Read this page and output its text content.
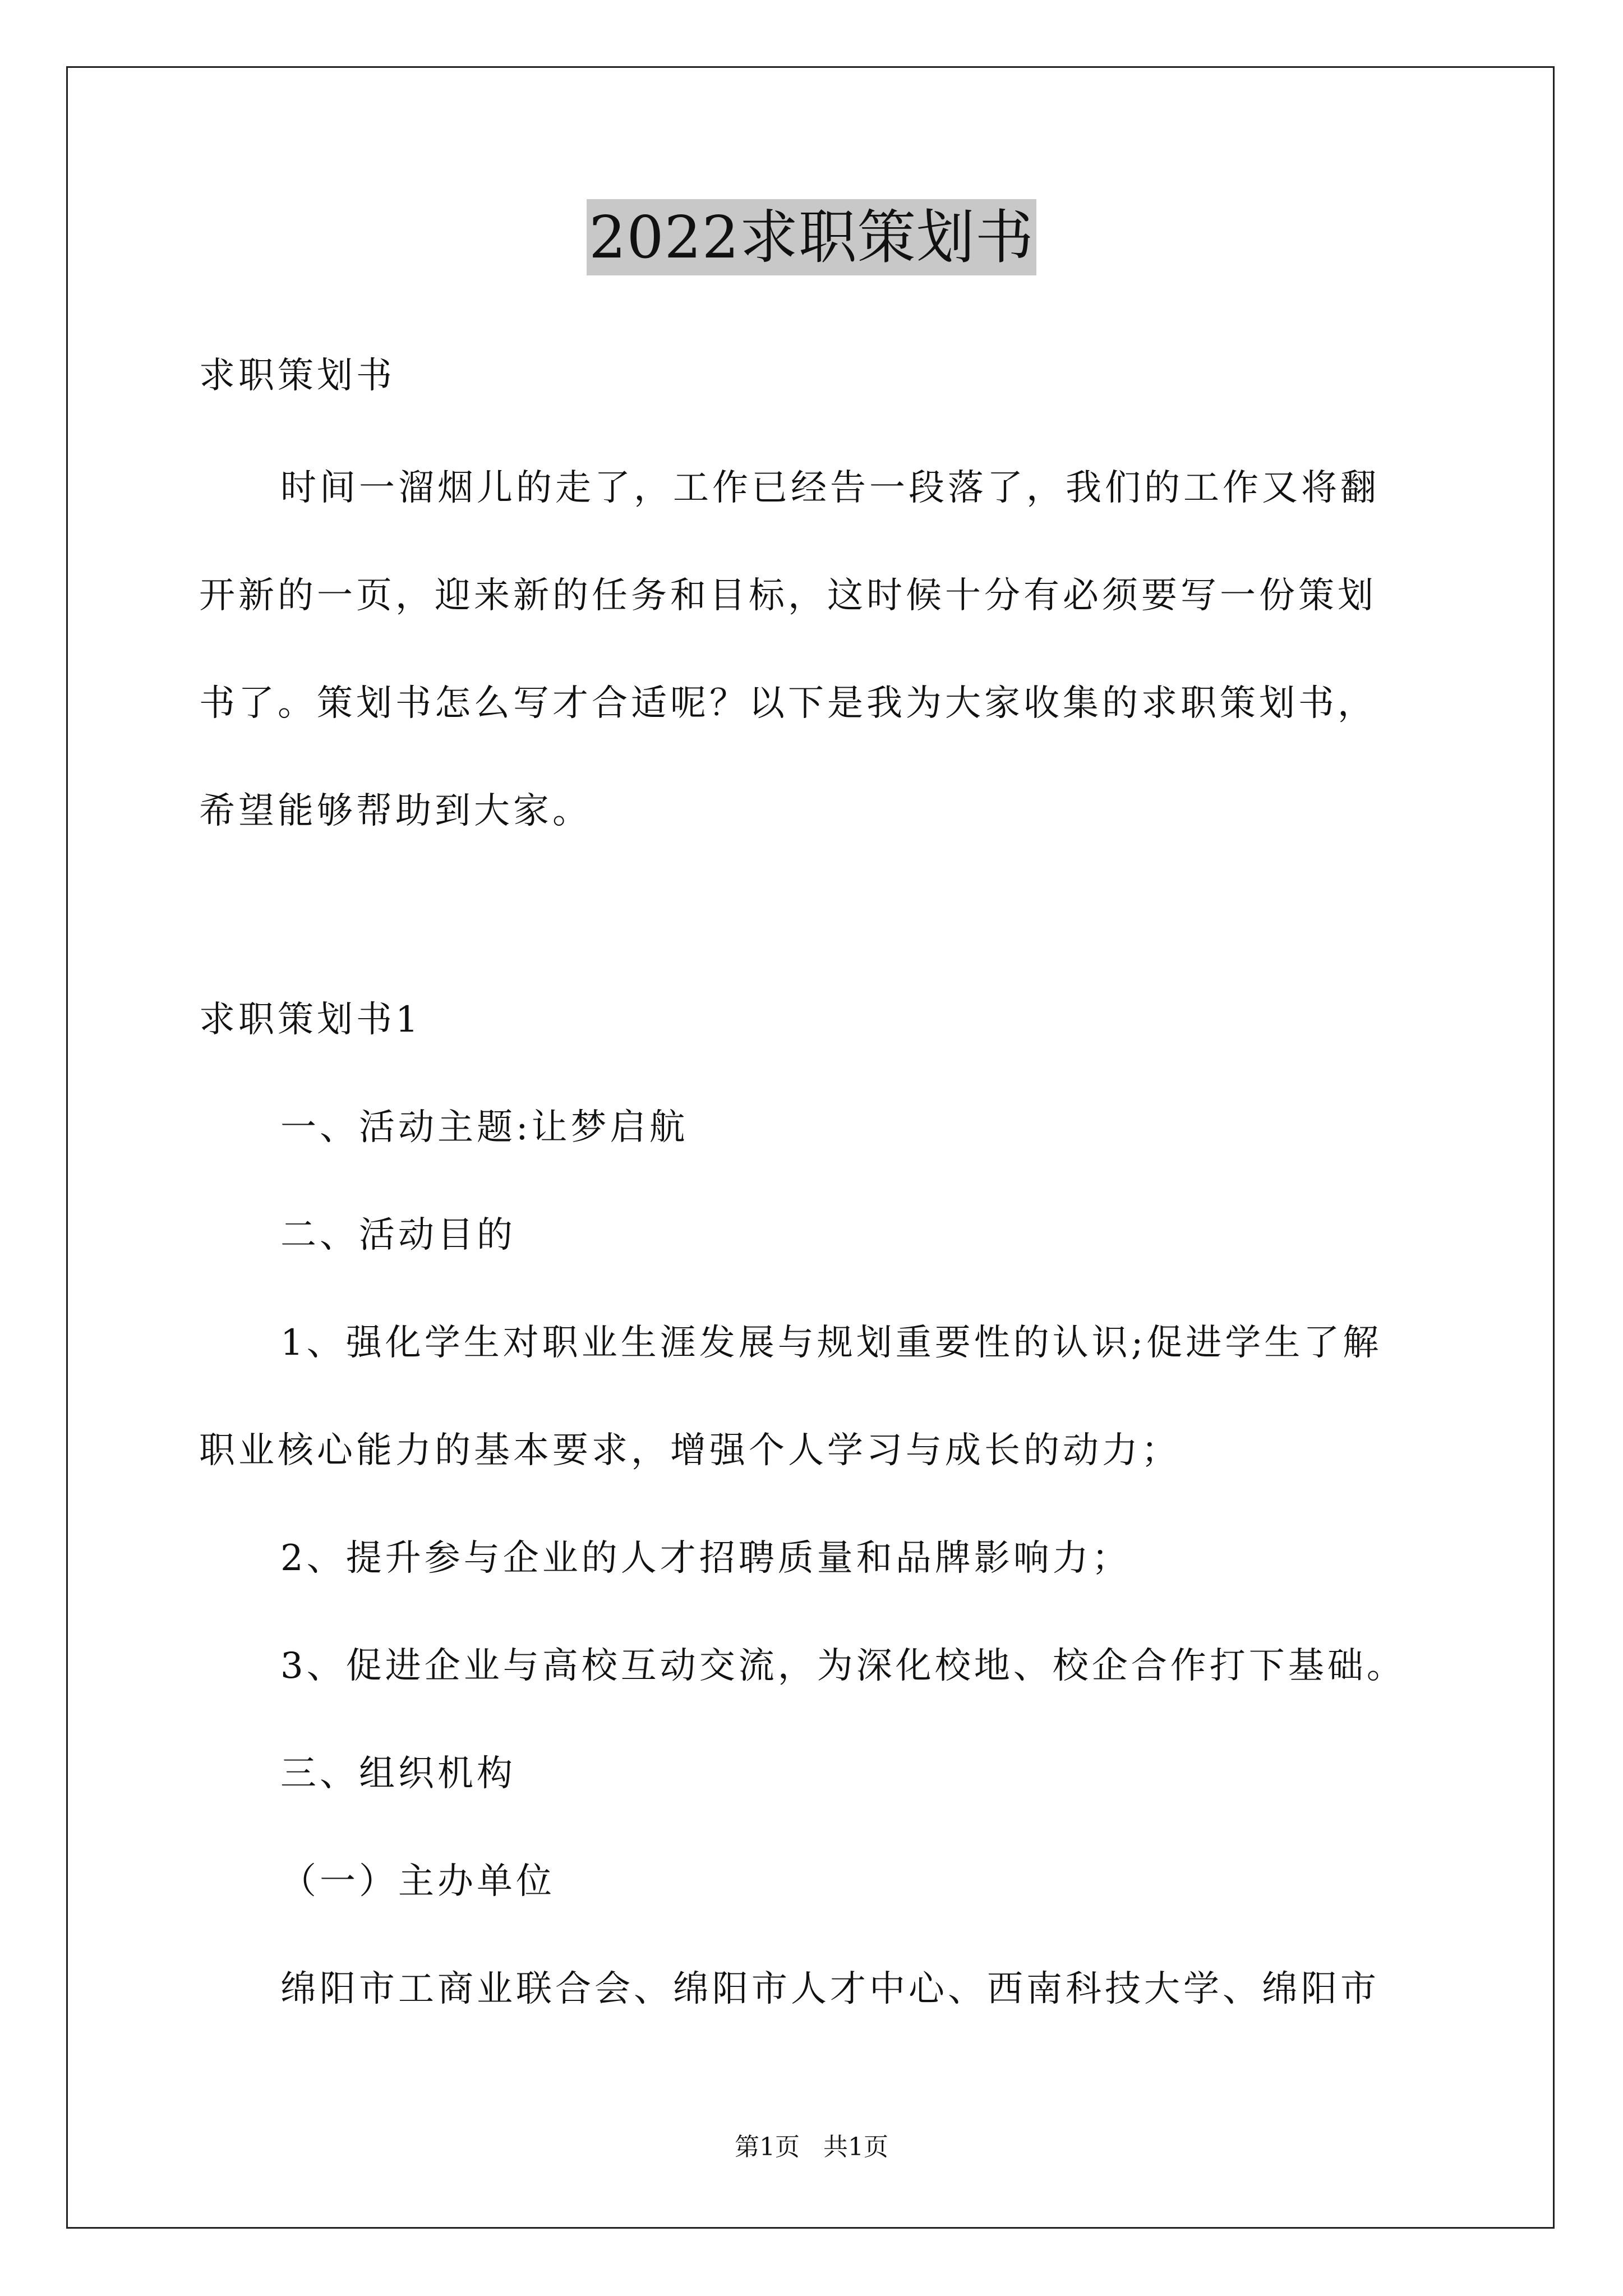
2022求职策划书
求职策划书
时间一溜烟儿的走了，工作已经告一段落了，我们的工作又将翻
开新的一页，迎来新的任务和目标，这时候十分有必须要写一份策划
书了。策划书怎么写才合适呢？以下是我为大家收集的求职策划书，
希望能够帮助到大家。
求职策划书1
一、活动主题:让梦启航
二、活动目的
1、强化学生对职业生涯发展与规划重要性的认识;促进学生了解
职业核心能力的基本要求，增强个人学习与成长的动力；
2、提升参与企业的人才招聘质量和品牌影响力；
3、促进企业与高校互动交流，为深化校地、校企合作打下基础。
三、组织机构
（一）主办单位
绵阳市工商业联合会、绵阳市人才中心、西南科技大学、绵阳市
第1页   共1页
